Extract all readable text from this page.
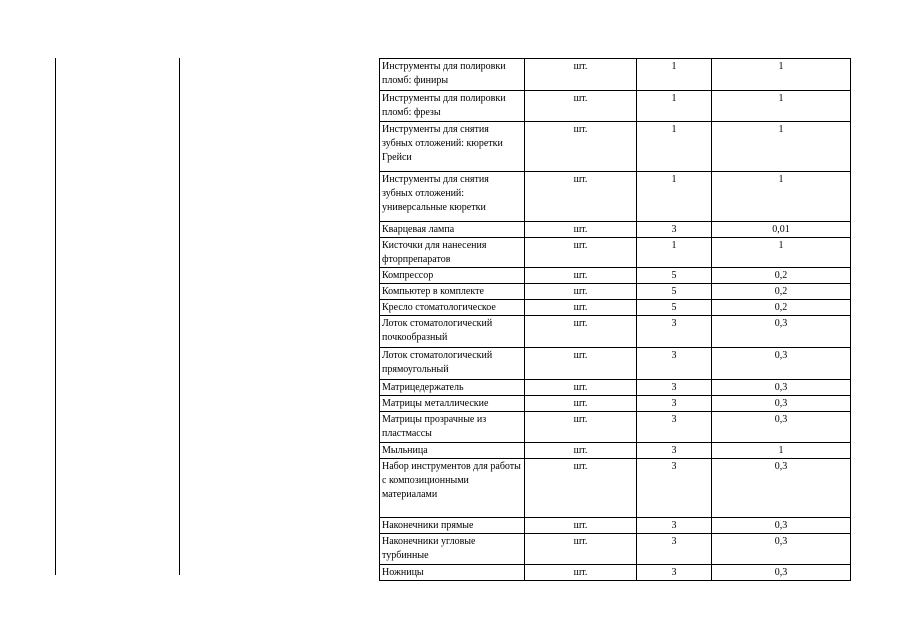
Инструменты для полировки пломб: финиры	шт.	1	1
Инструменты для полировки пломб: фрезы	шт.	1	1
Инструменты для снятия зубных отложений: кюретки Грейси	шт.	1	1
Инструменты для снятия зубных отложений: универсальные кюретки	шт.	1	1
Кварцевая лампа	шт.	3	0,01
Кисточки для нанесения фторпрепаратов	шт.	1	1
Компрессор	шт.	5	0,2
Компьютер в комплекте	шт.	5	0,2
Кресло стоматологическое	шт.	5	0,2
Лоток стоматологический почкообразный	шт.	3	0,3
Лоток стоматологический прямоугольный	шт.	3	0,3
Матрицедержатель	шт.	3	0,3
Матрицы металлические	шт.	3	0,3
Матрицы прозрачные из пластмассы	шт.	3	0,3
Мыльница	шт.	3	1
Набор инструментов для работы с композиционными материалами	шт.	3	0,3
Наконечники прямые	шт.	3	0,3
Наконечники угловые турбинные	шт.	3	0,3
Ножницы	шт.	3	0,3
